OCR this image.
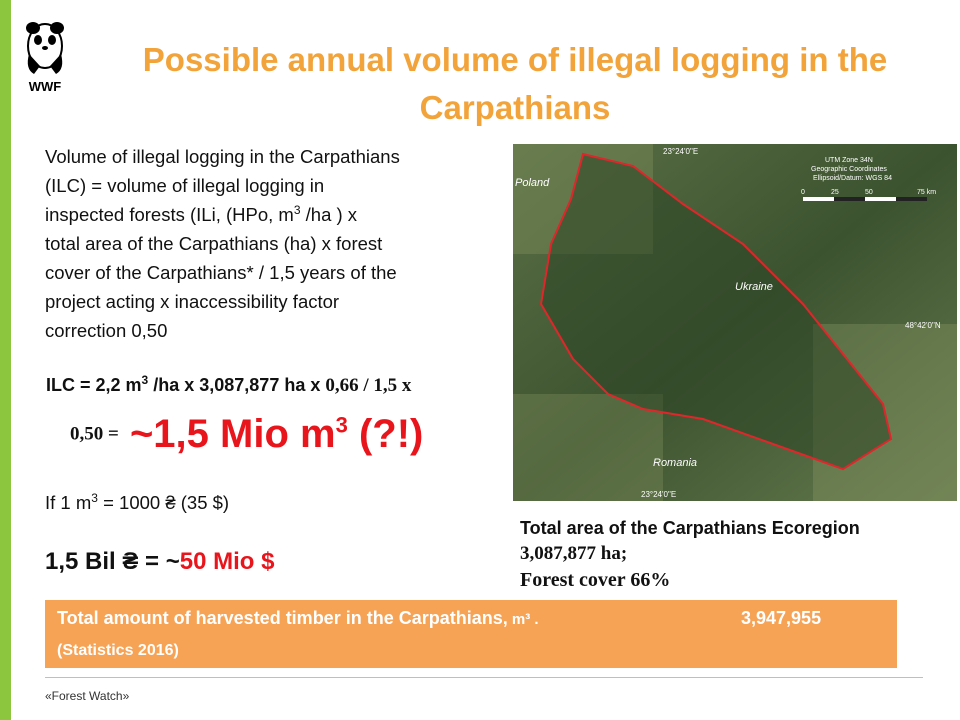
WWF
Possible annual volume of illegal logging in the Carpathians
Volume of illegal logging in the Carpathians
(ILC) = volume of illegal logging in
inspected forests (ILi, (HPo, $m^3$ /ha ) x
total area of the Carpathians (ha) x forest
cover of the Carpathians* / 1,5 years of the
project acting x inaccessibility factor
correction 0,50
ILC = 2,2 $m^3$ /ha x 3,087,877 ha x 0,66 / 1,5 x
0,50 = ~1,5 Mio $m^3$ (?!)
If 1 $m^3 = 1000$ ₴ (35 $)
1,5 Bil ₴ = ~50 Mio $
23°24'0"E
23°24'0"E
48°42'0"N
Poland
Ukraine
Romania
UTM Zone 34N
Geographic Coordinates
Ellipsoid/Datum: WGS 84
0	25	50	75 km
Total area of the Carpathians Ecoregion
3,087,877 ha;
Forest cover 66%
Total amount of harvested timber in the Carpathians, m³ .	3,947,955
(Statistics 2016)
«Forest Watch»
